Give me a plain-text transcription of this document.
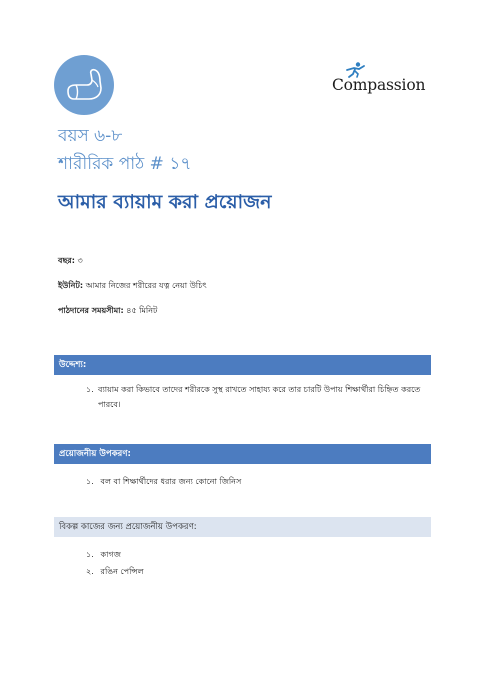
Compassion
বয়স ৬-৮
শারীরিক পাঠ # ১৭
আমার ব্যায়াম করা প্রয়োজন
বছর: ৩
ইউনিট: আমার নিজের শরীরের যত্ন নেয়া উচিৎ
পাঠদানের সময়সীমা: ৪৫ মিনিট
উদ্দেশ্য:
১. ব্যায়াম করা কিভাবে তাদের শরীরকে সুস্থ রাখতে সাহায্য করে তার চারটি উপায় শিক্ষার্থীরা চিহ্নিত করতে পারবে।
প্রয়োজনীয় উপকরণ:
১. বল বা শিক্ষার্থীদের ধরার জন্য কোনো জিনিস
বিকল্প কাজের জন্য প্রয়োজনীয় উপকরণ:
১. কাগজ
২. রঙিন পেন্সিল
